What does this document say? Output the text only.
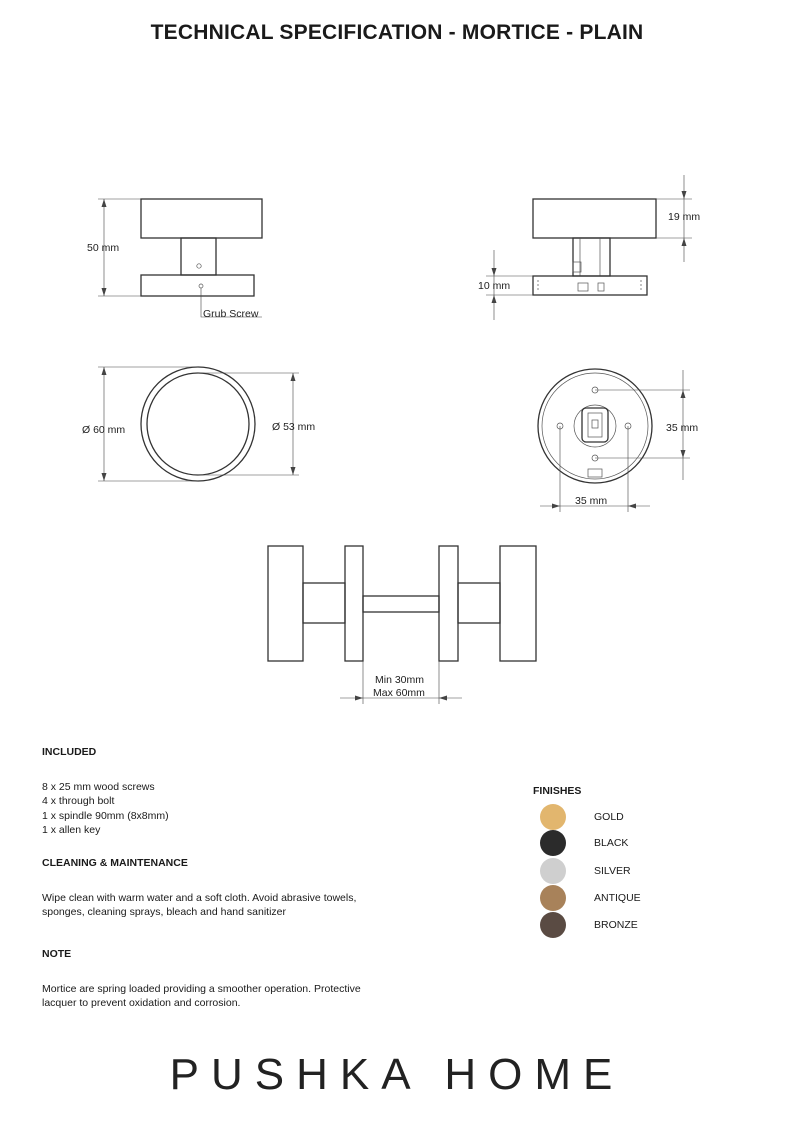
TECHNICAL SPECIFICATION - MORTICE - PLAIN
50 mm
Grub Screw
19 mm
10 mm
Ø 60 mm	Ø 53 mm	35 mm
35 mm
Min 30mm
Max 60mm
INCLUDED
8 x 25 mm wood screws
4 x through bolt
1 x spindle 90mm (8x8mm)
1 x allen key
CLEANING & MAINTENANCE

Wipe clean with warm water and a soft cloth. Avoid abrasive towels, sponges, cleaning sprays, bleach and hand sanitizer

NOTE

Mortice are spring loaded providing a smoother operation. Protective lacquer to prevent oxidation and corrosion.

FINISHES
GOLD
BLACK
SILVER
ANTIQUE
BRONZE
PUSHKA HOME
